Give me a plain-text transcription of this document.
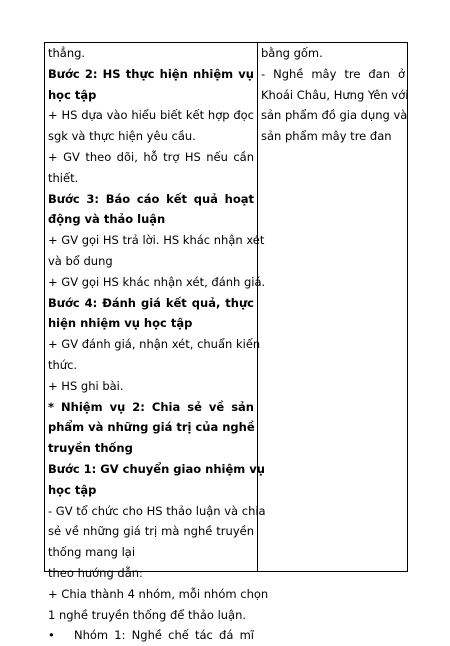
thẳng.
Bước 2: HS thực hiện nhiệm vụ
học tập
+ HS dựa vào hiểu biết kết hợp đọc
sgk và thực hiện yêu cầu.
+ GV theo dõi, hỗ trợ HS nếu cần
thiết.
Bước 3: Báo cáo kết quả hoạt
động và thảo luận
+ GV gọi HS trả lời. HS khác nhận xét
và bổ dung
+ GV gọi HS khác nhận xét, đánh giá.
Bước 4: Đánh giá kết quả, thực
hiện nhiệm vụ học tập
+ GV đánh giá, nhận xét, chuẩn kiến
thức.
+ HS ghi bài.
* Nhiệm vụ 2: Chia sẻ về sản
phẩm và những giá trị của nghề
truyền thống
Bước 1: GV chuyển giao nhiệm vụ
học tập
- GV tổ chức cho HS thảo luận và chia
sẻ về những giá trị mà nghề truyền
thống mang lại
theo hướng dẫn:
+ Chia thành 4 nhóm, mỗi nhóm chọn
1 nghề truyền thống để thảo luận.
• Nhóm 1: Nghề chế tác đá mĩ
bằng gốm.
- Nghề mây tre đan ở
Khoái Châu, Hưng Yên với
sản phẩm đồ gia dụng và
sản phẩm mây tre đan
